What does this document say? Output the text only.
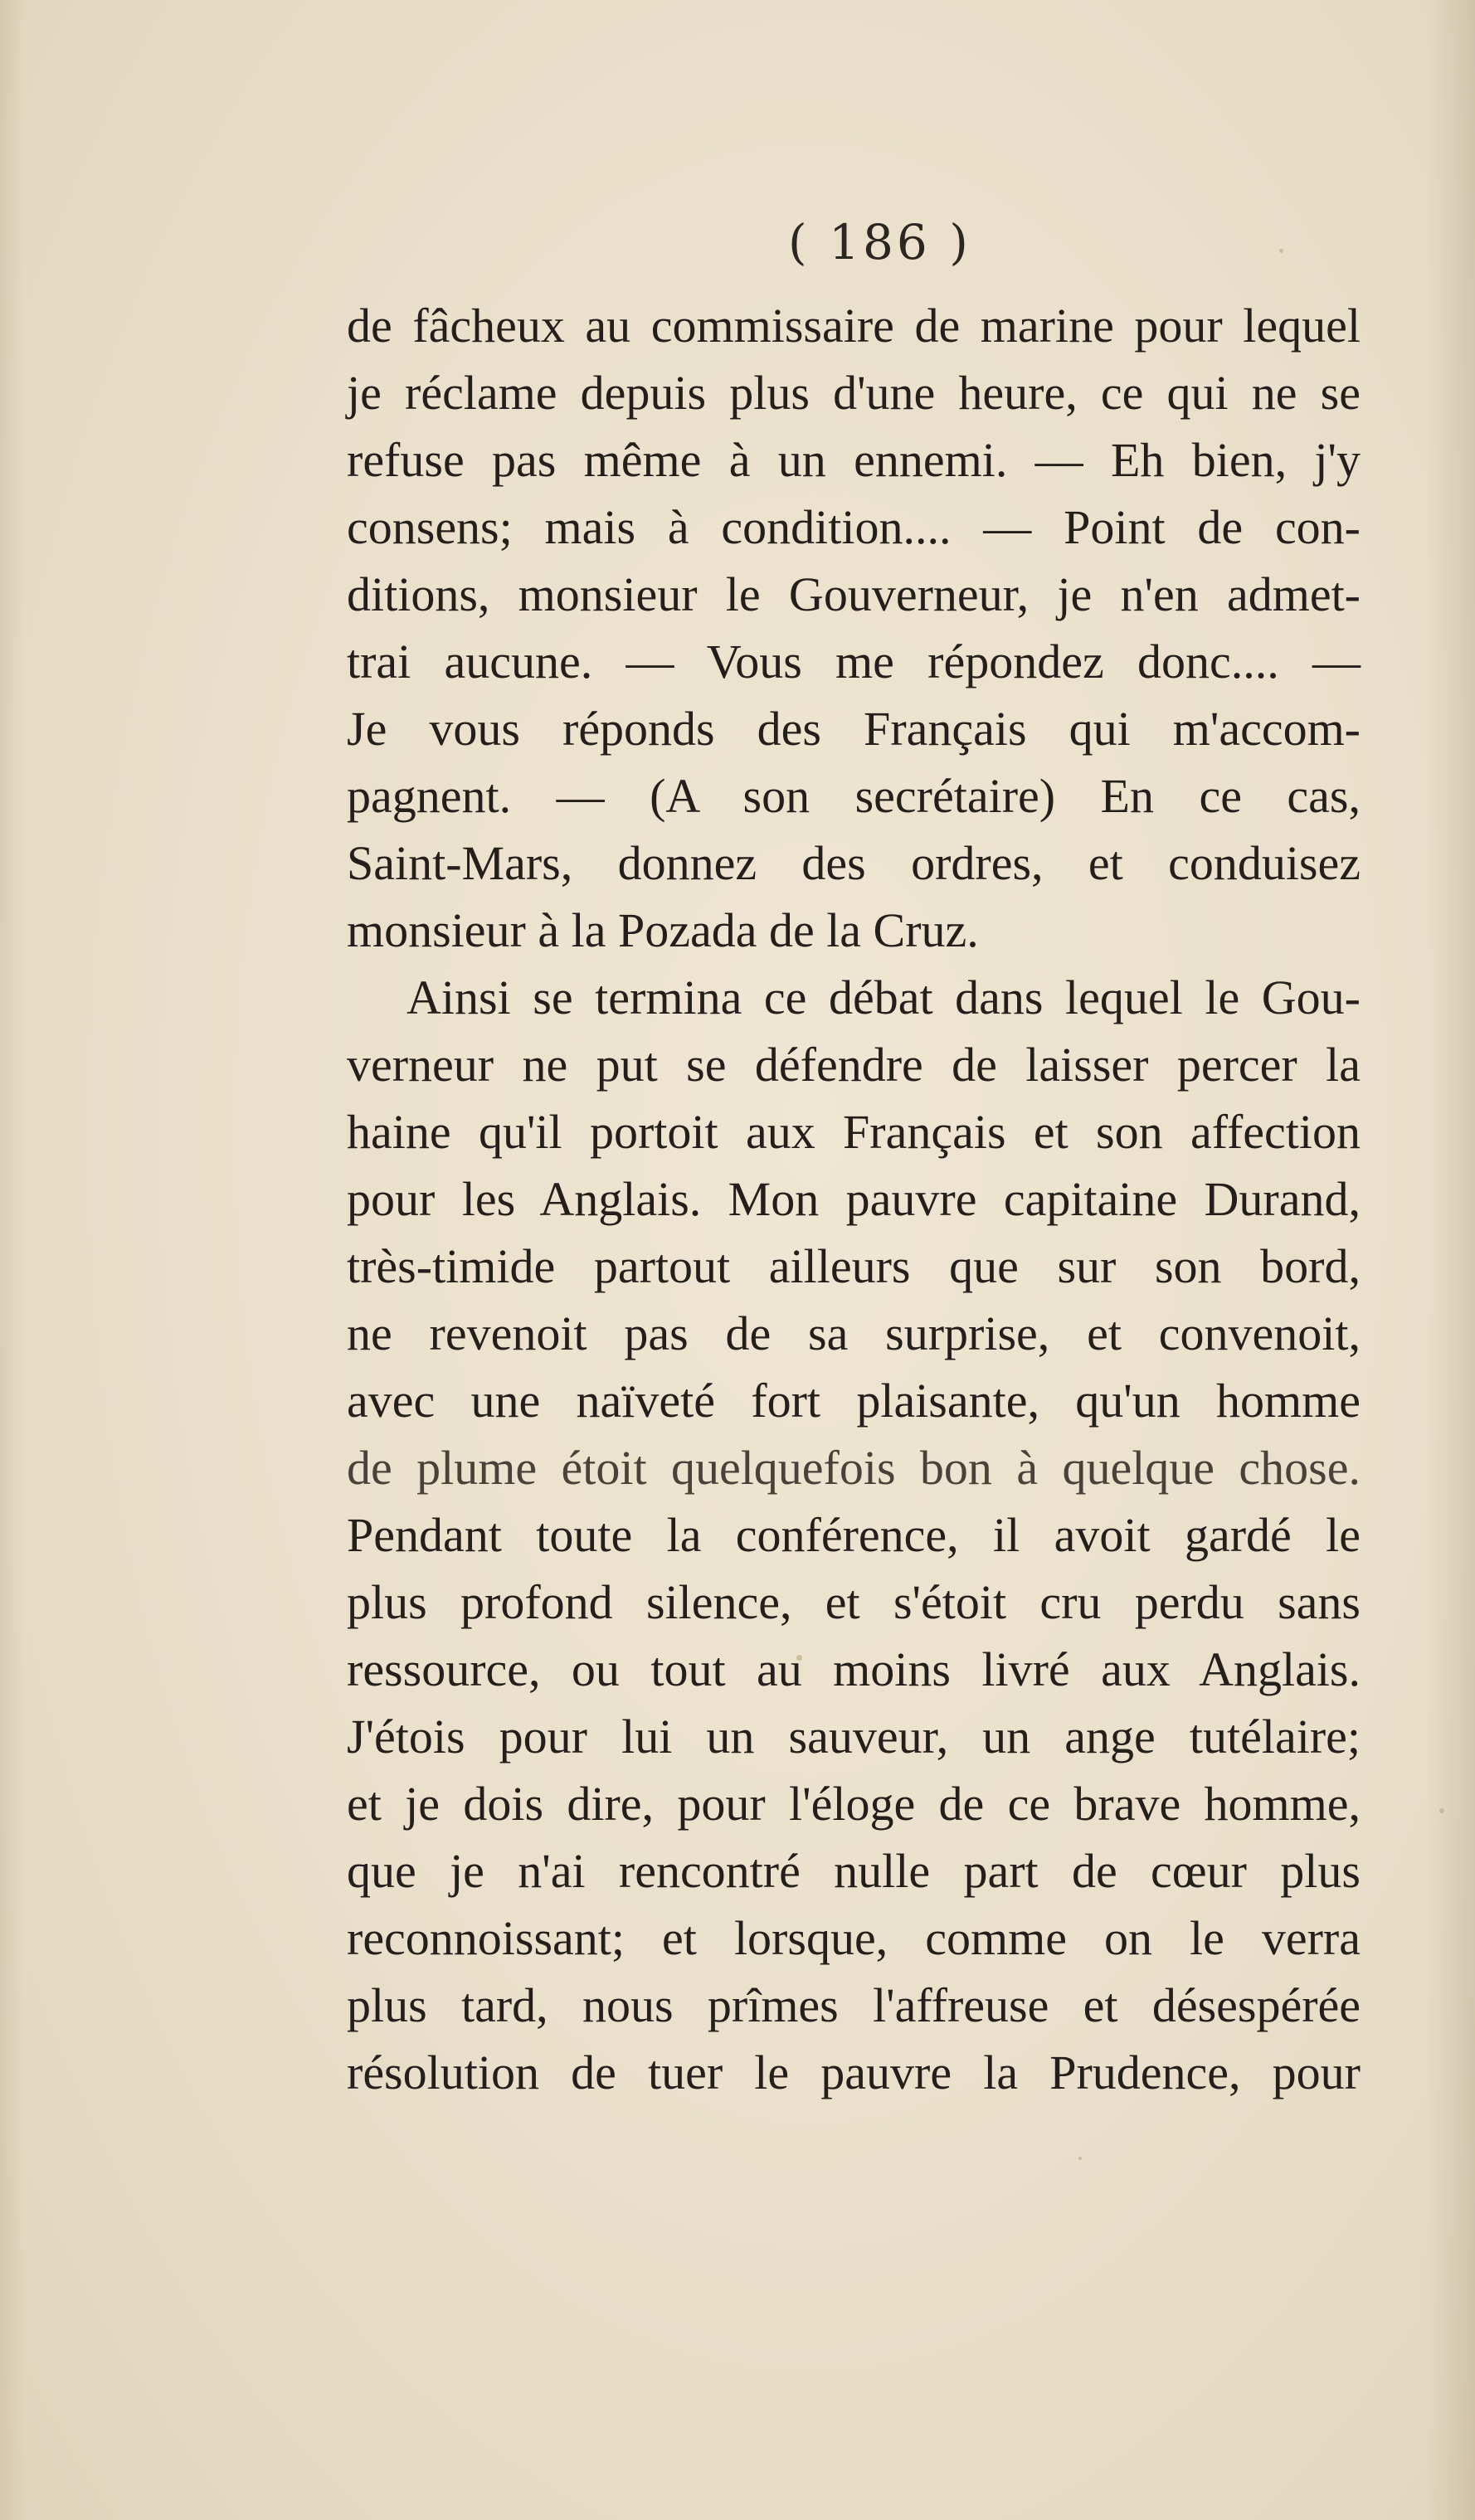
( 186 )
de fâcheux au commissaire de marine pour lequel
je réclame depuis plus d'une heure, ce qui ne se
refuse pas même à un ennemi. — Eh bien, j'y
consens; mais à condition.... — Point de con-
ditions, monsieur le Gouverneur, je n'en admet-
trai aucune. — Vous me répondez donc.... —
Je vous réponds des Français qui m'accom-
pagnent. — (A son secrétaire) En ce cas,
Saint-Mars, donnez des ordres, et conduisez
monsieur à la Pozada de la Cruz.
Ainsi se termina ce débat dans lequel le Gou-
verneur ne put se défendre de laisser percer la
haine qu'il portoit aux Français et son affection
pour les Anglais. Mon pauvre capitaine Durand,
très-timide partout ailleurs que sur son bord,
ne revenoit pas de sa surprise, et convenoit,
avec une naïveté fort plaisante, qu'un homme
de plume étoit quelquefois bon à quelque chose.
Pendant toute la conférence, il avoit gardé le
plus profond silence, et s'étoit cru perdu sans
ressource, ou tout au moins livré aux Anglais.
J'étois pour lui un sauveur, un ange tutélaire;
et je dois dire, pour l'éloge de ce brave homme,
que je n'ai rencontré nulle part de cœur plus
reconnoissant; et lorsque, comme on le verra
plus tard, nous prîmes l'affreuse et désespérée
résolution de tuer le pauvre la Prudence, pour
